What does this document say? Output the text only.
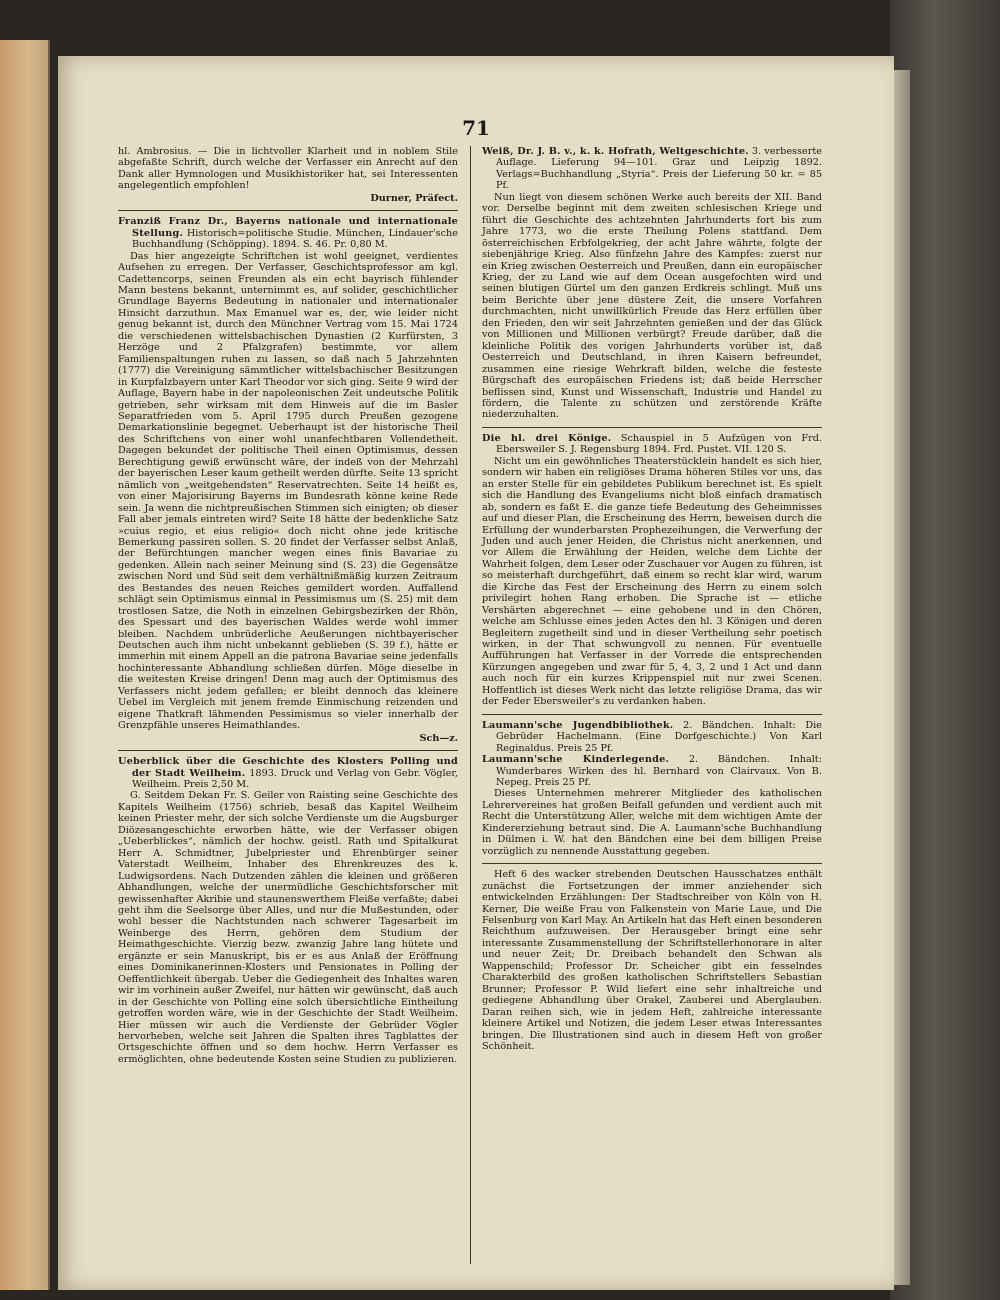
71

hl. Ambrosius. — Die in lichtvoller Klarheit und in noblem Stile abgefaßte Schrift, durch welche der Verfasser ein Anrecht auf den Dank aller Hymnologen und Musikhistoriker hat, sei Interessenten angelegentlich empfohlen!

Durner, Präfect.

Franziß Franz Dr., Bayerns nationale und internationale Stellung. Historisch=politische Studie. München, Lindauer'sche Buchhandlung (Schöpping). 1894. S. 46. Pr. 0,80 M.

Das hier angezeigte Schriftchen ist wohl geeignet, verdientes Aufsehen zu erregen. Der Verfasser, Geschichtsprofessor am kgl. Cadettencorps, seinen Freunden als ein echt bayrisch fühlender Mann bestens bekannt, unternimmt es, auf solider, geschichtlicher Grundlage Bayerns Bedeutung in nationaler und internationaler Hinsicht darzuthun. Max Emanuel war es, der, wie leider nicht genug bekannt ist, durch den Münchner Vertrag vom 15. Mai 1724 die verschiedenen wittelsbachischen Dynastien (2 Kurfürsten, 3 Herzöge und 2 Pfalzgrafen) bestimmte, vor allem Familienspaltungen ruhen zu lassen, so daß nach 5 Jahrzehnten (1777) die Vereinigung sämmtlicher wittelsbachischer Besitzungen in Kurpfalzbayern unter Karl Theodor vor sich ging. Seite 9 wird der Auflage, Bayern habe in der napoleonischen Zeit undeutsche Politik getrieben, sehr wirksam mit dem Hinweis auf die im Basler Separatfrieden vom 5. April 1795 durch Preußen gezogene Demarkationslinie begegnet. Ueberhaupt ist der historische Theil des Schriftchens von einer wohl unanfechtbaren Vollendetheit. Dagegen bekundet der politische Theil einen Optimismus, dessen Berechtigung gewiß erwünscht wäre, der indeß von der Mehrzahl der bayerischen Leser kaum getheilt werden dürfte. Seite 13 spricht nämlich von „weitgehendsten“ Reservatrechten. Seite 14 heißt es, von einer Majorisirung Bayerns im Bundesrath könne keine Rede sein. Ja wenn die nichtpreußischen Stimmen sich einigten; ob dieser Fall aber jemals eintreten wird? Seite 18 hätte der bedenkliche Satz »cuius regio, et eius religio« doch nicht ohne jede kritische Bemerkung passiren sollen. S. 20 findet der Verfasser selbst Anlaß, der Befürchtungen mancher wegen eines finis Bavariae zu gedenken. Allein nach seiner Meinung sind (S. 23) die Gegensätze zwischen Nord und Süd seit dem verhältnißmäßig kurzen Zeitraum des Bestandes des neuen Reiches gemildert worden. Auffallend schlägt sein Optimismus einmal in Pessimismus um (S. 25) mit dem trostlosen Satze, die Noth in einzelnen Gebirgsbezirken der Rhön, des Spessart und des bayerischen Waldes werde wohl immer bleiben. Nachdem unbrüderliche Aeußerungen nichtbayerischer Deutschen auch ihm nicht unbekannt geblieben (S. 39 f.), hätte er immerhin mit einem Appell an die patrona Bavariae seine jedenfalls hochinteressante Abhandlung schließen dürfen. Möge dieselbe in die weitesten Kreise dringen! Denn mag auch der Optimismus des Verfassers nicht jedem gefallen; er bleibt dennoch das kleinere Uebel im Vergleich mit jenem fremde Einmischung reizenden und eigene Thatkraft lähmenden Pessimismus so vieler innerhalb der Grenzpfähle unseres Heimathlandes.

Sch—z.

Ueberblick über die Geschichte des Klosters Polling und der Stadt Weilheim. 1893. Druck und Verlag von Gebr. Vögler, Weilheim. Preis 2,50 M.

G. Seitdem Dekan Fr. S. Geiler von Raisting seine Geschichte des Kapitels Weilheim (1756) schrieb, besaß das Kapitel Weilheim keinen Priester mehr, der sich solche Verdienste um die Augsburger Diözesangeschichte erworben hätte, wie der Verfasser obigen „Ueberblickes“, nämlich der hochw. geistl. Rath und Spitalkurat Herr A. Schmidtner, Jubelpriester und Ehrenbürger seiner Vaterstadt Weilheim, Inhaber des Ehrenkreuzes des k. Ludwigsordens. Nach Dutzenden zählen die kleinen und größeren Abhandlungen, welche der unermüdliche Geschichtsforscher mit gewissenhafter Akribie und staunenswerthem Fleiße verfaßte; dabei geht ihm die Seelsorge über Alles, und nur die Mußestunden, oder wohl besser die Nachtstunden nach schwerer Tagesarbeit im Weinberge des Herrn, gehören dem Studium der Heimathgeschichte. Vierzig bezw. zwanzig Jahre lang hütete und ergänzte er sein Manuskript, bis er es aus Anlaß der Eröffnung eines Dominikanerinnen-Klosters und Pensionates in Polling der Oeffentlichkeit übergab. Ueber die Gediegenheit des Inhaltes waren wir im vorhinein außer Zweifel, nur hätten wir gewünscht, daß auch in der Geschichte von Polling eine solch übersichtliche Eintheilung getroffen worden wäre, wie in der Geschichte der Stadt Weilheim. Hier müssen wir auch die Verdienste der Gebrüder Vögler hervorheben, welche seit Jahren die Spalten ihres Tagblattes der Ortsgeschichte öffnen und so dem hochw. Herrn Verfasser es ermöglichten, ohne bedeutende Kosten seine Studien zu publizieren.

Weiß, Dr. J. B. v., k. k. Hofrath, Weltgeschichte. 3. verbesserte Auflage. Lieferung 94—101. Graz und Leipzig 1892. Verlags=Buchhandlung „Styria“. Preis der Lieferung 50 kr. = 85 Pf.

Nun liegt von diesem schönen Werke auch bereits der XII. Band vor. Derselbe beginnt mit dem zweiten schlesischen Kriege und führt die Geschichte des achtzehnten Jahrhunderts fort bis zum Jahre 1773, wo die erste Theilung Polens stattfand. Dem österreichischen Erbfolgekrieg, der acht Jahre währte, folgte der siebenjährige Krieg. Also fünfzehn Jahre des Kampfes: zuerst nur ein Krieg zwischen Oesterreich und Preußen, dann ein europäischer Krieg, der zu Land wie auf dem Ocean ausgefochten wird und seinen blutigen Gürtel um den ganzen Erdkreis schlingt. Muß uns beim Berichte über jene düstere Zeit, die unsere Vorfahren durchmachten, nicht unwillkürlich Freude das Herz erfüllen über den Frieden, den wir seit Jahrzehnten genießen und der das Glück von Millionen und Millionen verbürgt? Freude darüber, daß die kleinliche Politik des vorigen Jahrhunderts vorüber ist, daß Oesterreich und Deutschland, in ihren Kaisern befreundet, zusammen eine riesige Wehrkraft bilden, welche die festeste Bürgschaft des europäischen Friedens ist; daß beide Herrscher beflissen sind, Kunst und Wissenschaft, Industrie und Handel zu fördern, die Talente zu schützen und zerstörende Kräfte niederzuhalten.

Die hl. drei Könige. Schauspiel in 5 Aufzügen von Frd. Ebersweiler S. J. Regensburg 1894. Frd. Pustet. VII. 120 S.

Nicht um ein gewöhnliches Theaterstücklein handelt es sich hier, sondern wir haben ein religiöses Drama höheren Stiles vor uns, das an erster Stelle für ein gebildetes Publikum berechnet ist. Es spielt sich die Handlung des Evangeliums nicht bloß einfach dramatisch ab, sondern es faßt E. die ganze tiefe Bedeutung des Geheimnisses auf und dieser Plan, die Erscheinung des Herrn, beweisen durch die Erfüllung der wunderbarsten Prophezeihungen, die Verwerfung der Juden und auch jener Heiden, die Christus nicht anerkennen, und vor Allem die Erwählung der Heiden, welche dem Lichte der Wahrheit folgen, dem Leser oder Zuschauer vor Augen zu führen, ist so meisterhaft durchgeführt, daß einem so recht klar wird, warum die Kirche das Fest der Erscheinung des Herrn zu einem solch privilegirt hohen Rang erhoben. Die Sprache ist — etliche Vershärten abgerechnet — eine gehobene und in den Chören, welche am Schlusse eines jeden Actes den hl. 3 Königen und deren Begleitern zugetheilt sind und in dieser Vertheilung sehr poetisch wirken, in der That schwungvoll zu nennen. Für eventuelle Aufführungen hat Verfasser in der Vorrede die entsprechenden Kürzungen angegeben und zwar für 5, 4, 3, 2 und 1 Act und dann auch noch für ein kurzes Krippenspiel mit nur zwei Scenen. Hoffentlich ist dieses Werk nicht das letzte religiöse Drama, das wir der Feder Ebersweiler's zu verdanken haben.

Laumann'sche Jugendbibliothek. 2. Bändchen. Inhalt: Die Gebrüder Hachelmann. (Eine Dorfgeschichte.) Von Karl Reginaldus. Preis 25 Pf.

Laumann'sche Kinderlegende. 2. Bändchen. Inhalt: Wunderbares Wirken des hl. Bernhard von Clairvaux. Von B. Nepeg. Preis 25 Pf.

Dieses Unternehmen mehrerer Mitglieder des katholischen Lehrervereines hat großen Beifall gefunden und verdient auch mit Recht die Unterstützung Aller, welche mit dem wichtigen Amte der Kindererziehung betraut sind. Die A. Laumann'sche Buchhandlung in Dülmen i. W. hat den Bändchen eine bei dem billigen Preise vorzüglich zu nennende Ausstattung gegeben.

Heft 6 des wacker strebenden Deutschen Hausschatzes enthält zunächst die Fortsetzungen der immer anziehender sich entwickelnden Erzählungen: Der Stadtschreiber von Köln von H. Kerner, Die weiße Frau von Falkenstein von Marie Laue, und Die Felsenburg von Karl May. An Artikeln hat das Heft einen besonderen Reichthum aufzuweisen. Der Herausgeber bringt eine sehr interessante Zusammenstellung der Schriftstellerhonorare in alter und neuer Zeit; Dr. Dreibach behandelt den Schwan als Wappenschild; Professor Dr. Scheicher gibt ein fesselndes Charakterbild des großen katholischen Schriftstellers Sebastian Brunner; Professor P. Wild liefert eine sehr inhaltreiche und gediegene Abhandlung über Orakel, Zauberei und Aberglauben. Daran reihen sich, wie in jedem Heft, zahlreiche interessante kleinere Artikel und Notizen, die jedem Leser etwas Interessantes bringen. Die Illustrationen sind auch in diesem Heft von großer Schönheit.
